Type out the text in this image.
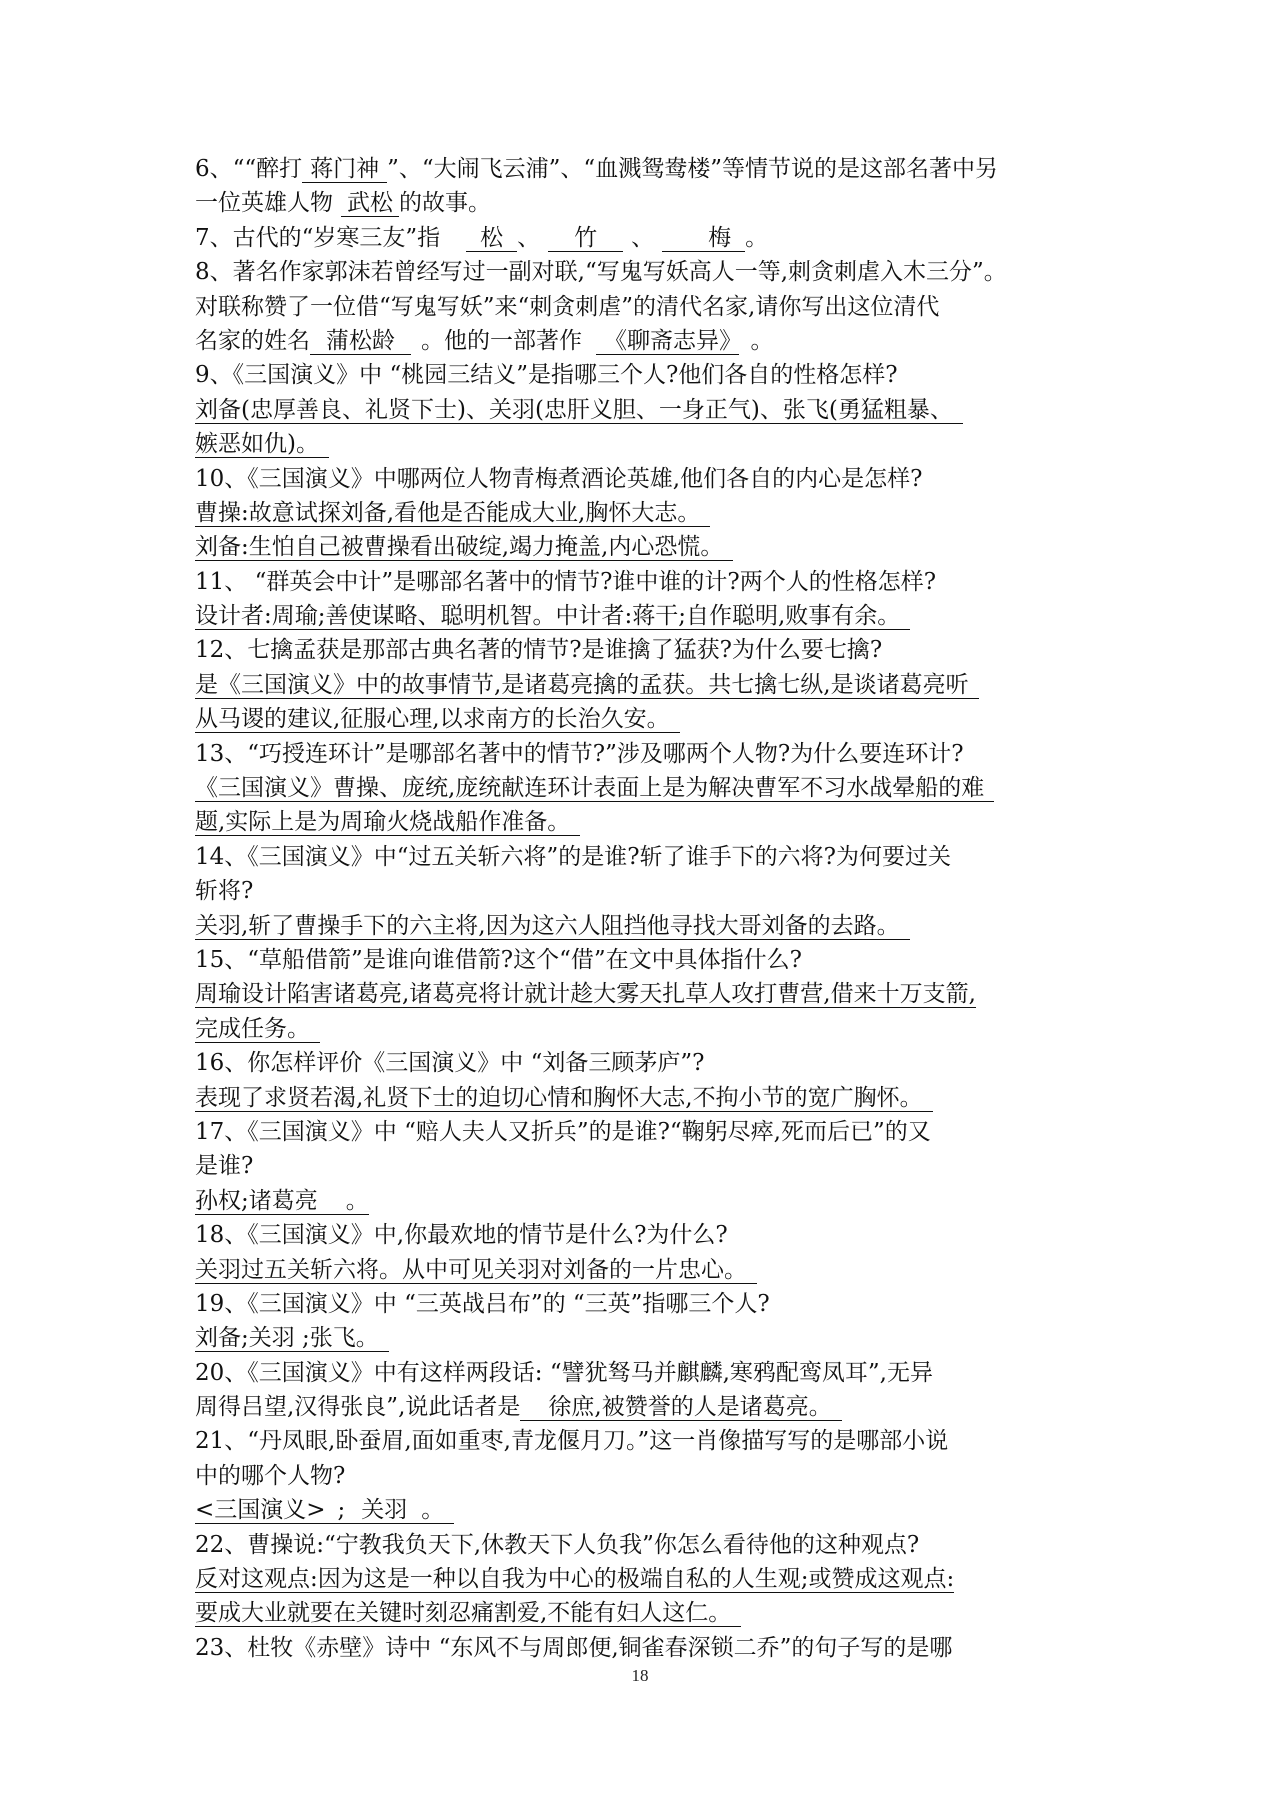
6、““醉打 蒋门神 ”、“大闹飞云浦”、“血溅鸳鸯楼”等情节说的是这部名著中另
一位英雄人物 武松 的故事。
7、古代的“岁寒三友”指 松 、 竹 、 梅 。
8、著名作家郭沫若曾经写过一副对联,“写鬼写妖高人一等,刺贪刺虐入木三分”。
对联称赞了一位借“写鬼写妖”来“刺贪刺虐”的清代名家,请你写出这位清代
名家的姓名 蒲松龄 。他的一部著作 《聊斋志异》 。
9、《三国演义》中 “桃园三结义”是指哪三个人?他们各自的性格怎样?
刘备(忠厚善良、礼贤下士)、关羽(忠肝义胆、一身正气)、张飞(勇猛粗暴、
嫉恶如仇)。
10、《三国演义》中哪两位人物青梅煮酒论英雄,他们各自的内心是怎样?
曹操:故意试探刘备,看他是否能成大业,胸怀大志。
刘备:生怕自己被曹操看出破绽,竭力掩盖,内心恐慌。
11、 “群英会中计”是哪部名著中的情节?谁中谁的计?两个人的性格怎样?
设计者:周瑜;善使谋略、聪明机智。中计者:蒋干;自作聪明,败事有余。
12、七擒孟获是那部古典名著的情节?是谁擒了猛获?为什么要七擒?
是《三国演义》中的故事情节,是诸葛亮擒的孟获。共七擒七纵,是谈诸葛亮听
从马谡的建议,征服心理,以求南方的长治久安。
13、“巧授连环计”是哪部名著中的情节?”涉及哪两个人物?为什么要连环计?
《三国演义》曹操、庞统,庞统献连环计表面上是为解决曹军不习水战晕船的难
题,实际上是为周瑜火烧战船作准备。
14、《三国演义》中“过五关斩六将”的是谁?斩了谁手下的六将?为何要过关
斩将?
关羽,斩了曹操手下的六主将,因为这六人阻挡他寻找大哥刘备的去路。
15、“草船借箭”是谁向谁借箭?这个“借”在文中具体指什么?
周瑜设计陷害诸葛亮,诸葛亮将计就计趁大雾天扎草人攻打曹营,借来十万支箭,
完成任务。
16、你怎样评价《三国演义》中 “刘备三顾茅庐”?
表现了求贤若渴,礼贤下士的迫切心情和胸怀大志,不拘小节的宽广胸怀。
17、《三国演义》中 “赔人夫人又折兵”的是谁?“鞠躬尽瘁,死而后已”的又
是谁?
孙权;诸葛亮 。
18、《三国演义》中,你最欢地的情节是什么?为什么?
关羽过五关斩六将。从中可见关羽对刘备的一片忠心。
19、《三国演义》中 “三英战吕布”的 “三英”指哪三个人?
刘备;关羽 ;张飞。
20、《三国演义》中有这样两段话: “譬犹驽马并麒麟,寒鸦配鸾凤耳”,无异
周得吕望,汉得张良”,说此话者是 徐庶,被赞誉的人是诸葛亮。
21、“丹凤眼,卧蚕眉,面如重枣,青龙偃月刀。”这一肖像描写写的是哪部小说
中的哪个人物?
<三国演义> ; 关羽 。
22、曹操说:“宁教我负天下,休教天下人负我”你怎么看待他的这种观点?
反对这观点:因为这是一种以自我为中心的极端自私的人生观;或赞成这观点:
要成大业就要在关键时刻忍痛割爱,不能有妇人这仁。
23、杜牧《赤壁》诗中 “东风不与周郎便,铜雀春深锁二乔”的句子写的是哪
18
